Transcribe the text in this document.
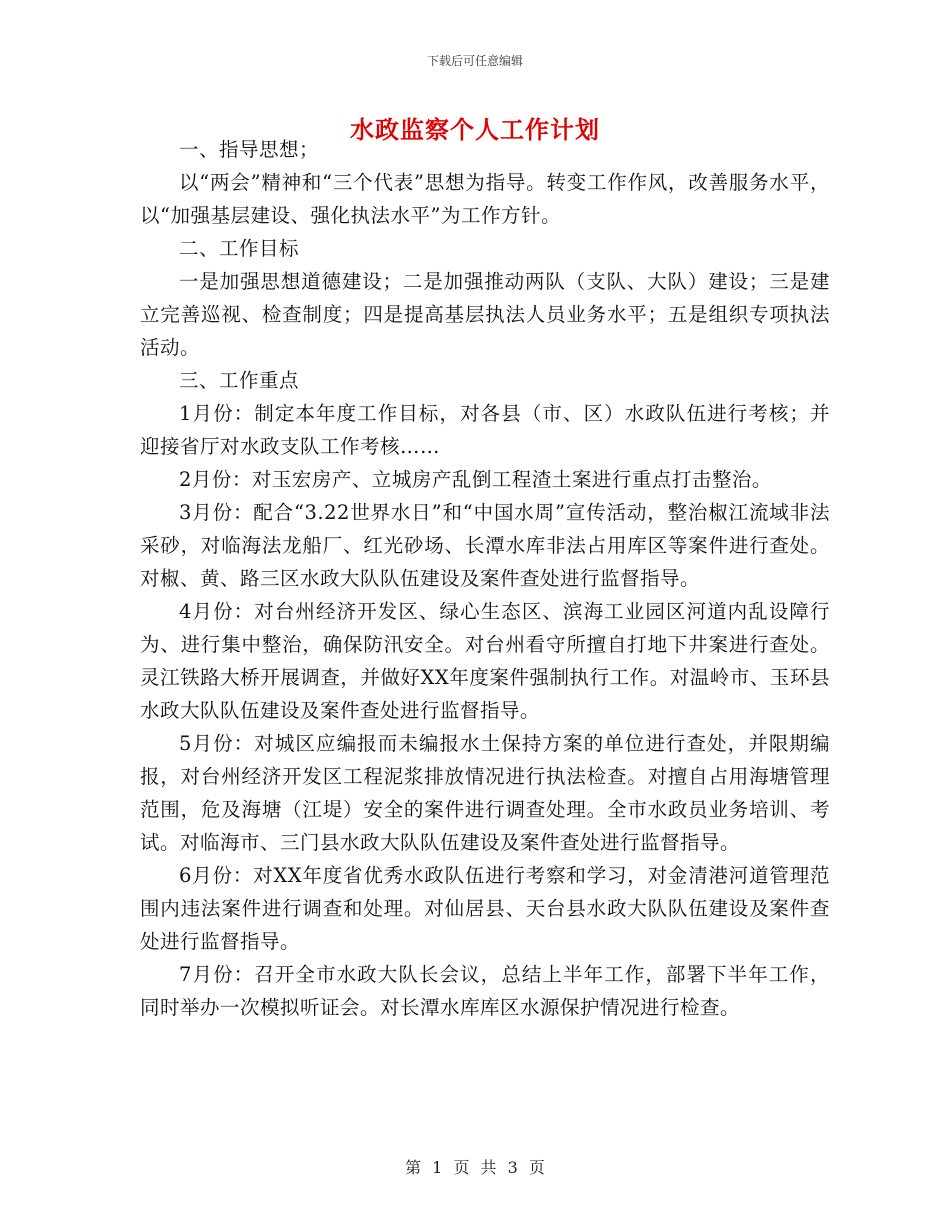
下载后可任意编辑
水政监察个人工作计划

一、指导思想；

以“两会”精神和“三个代表”思想为指导。转变工作作风，改善服务水平，以“加强基层建设、强化执法水平”为工作方针。

二、工作目标

一是加强思想道德建设；二是加强推动两队（支队、大队）建设；三是建立完善巡视、检查制度；四是提高基层执法人员业务水平；五是组织专项执法活动。

三、工作重点

1月份：制定本年度工作目标，对各县（市、区）水政队伍进行考核；并迎接省厅对水政支队工作考核……

2月份：对玉宏房产、立城房产乱倒工程渣土案进行重点打击整治。

3月份：配合“3.22世界水日”和“中国水周”宣传活动，整治椒江流域非法采砂，对临海法龙船厂、红光砂场、长潭水库非法占用库区等案件进行查处。对椒、黄、路三区水政大队队伍建设及案件查处进行监督指导。

4月份：对台州经济开发区、绿心生态区、滨海工业园区河道内乱设障行为、进行集中整治，确保防汛安全。对台州看守所擅自打地下井案进行查处。灵江铁路大桥开展调查，并做好XX年度案件强制执行工作。对温岭市、玉环县水政大队队伍建设及案件查处进行监督指导。

5月份：对城区应编报而未编报水土保持方案的单位进行查处，并限期编报，对台州经济开发区工程泥浆排放情况进行执法检查。对擅自占用海塘管理范围，危及海塘（江堤）安全的案件进行调查处理。全市水政员业务培训、考试。对临海市、三门县水政大队队伍建设及案件查处进行监督指导。

6月份：对XX年度省优秀水政队伍进行考察和学习，对金清港河道管理范围内违法案件进行调查和处理。对仙居县、天台县水政大队队伍建设及案件查处进行监督指导。

7月份：召开全市水政大队长会议，总结上半年工作，部署下半年工作，同时举办一次模拟听证会。对长潭水库库区水源保护情况进行检查。

第 1 页 共 3 页
